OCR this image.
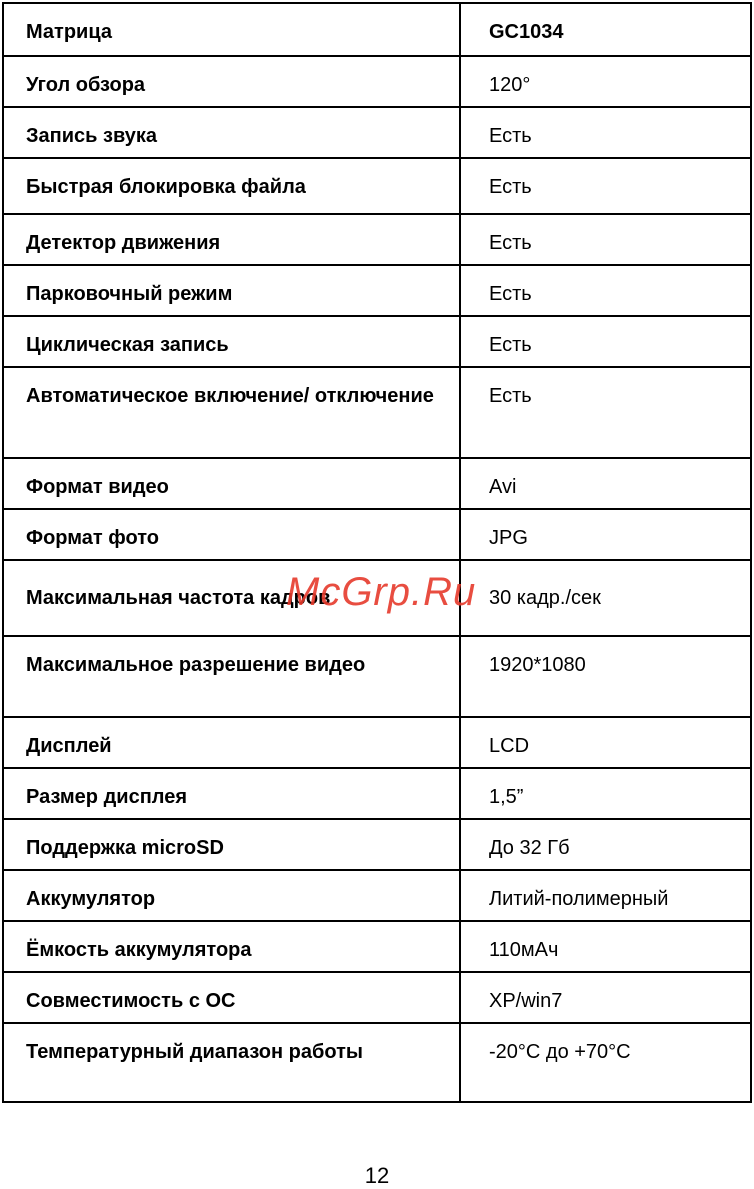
Матрица	GC1034
Угол обзора	120°
Запись звука	Есть
Быстрая блокировка файла	Есть
Детектор движения	Есть
Парковочный режим	Есть
Циклическая запись	Есть
Автоматическое включение/ отключение	Есть
Формат видео	Avi
Формат фото	JPG
Максимальная частота кадров	30 кадр./сек
Максимальное разрешение видео	1920*1080
Дисплей	LCD
Размер дисплея	1,5”
Поддержка microSD	До 32 Гб
Аккумулятор	Литий-полимерный
Ёмкость аккумулятора	110мАч
Совместимость с ОС	XP/win7
Температурный диапазон работы	-20°C до +70°C
McGrp.Ru
12
